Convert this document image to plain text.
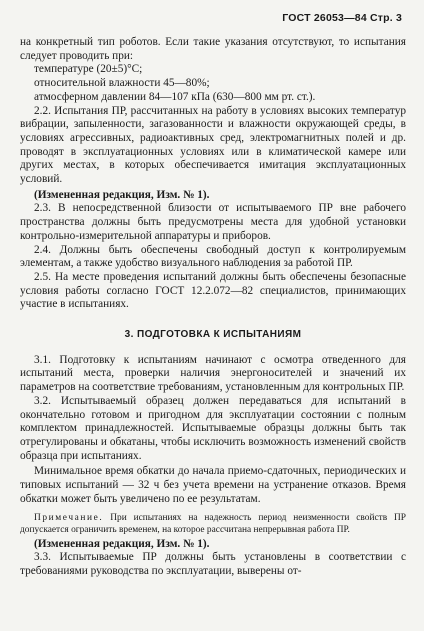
ГОСТ 26053—84 Стр. 3

на конкретный тип роботов. Если такие указания отсутствуют, то испытания следует проводить при:

температуре (20±5)°С;

относительной влажности 45—80%;

атмосферном давлении 84—107 кПа (630—800 мм рт. ст.).

2.2. Испытания ПР, рассчитанных на работу в условиях высоких температур вибрации, запыленности, загазованности и влажности окружающей среды, в условиях агрессивных, радиоактивных сред, электромагнитных полей и др. проводят в эксплуатационных условиях или в климатической камере или других местах, в которых обеспечивается имитация эксплуатационных условий.

(Измененная редакция, Изм. № 1).

2.3. В непосредственной близости от испытываемого ПР вне рабочего пространства должны быть предусмотрены места для удобной установки контрольно-измерительной аппаратуры и приборов.

2.4. Должны быть обеспечены свободный доступ к контролируемым элементам, а также удобство визуального наблюдения за работой ПР.

2.5. На месте проведения испытаний должны быть обеспечены безопасные условия работы согласно ГОСТ 12.2.072—82 специалистов, принимающих участие в испытаниях.

3. ПОДГОТОВКА К ИСПЫТАНИЯМ

3.1. Подготовку к испытаниям начинают с осмотра отведенного для испытаний места, проверки наличия энергоносителей и значений их параметров на соответствие требованиям, установленным для контрольных ПР.

3.2. Испытываемый образец должен передаваться для испытаний в окончательно готовом и пригодном для эксплуатации состоянии с полным комплектом принадлежностей. Испытываемые образцы должны быть так отрегулированы и обкатаны, чтобы исключить возможность изменений свойств образца при испытаниях.

Минимальное время обкатки до начала приемо-сдаточных, периодических и типовых испытаний — 32 ч без учета времени на устранение отказов. Время обкатки может быть увеличено по ее результатам.

Примечание. При испытаниях на надежность период неизменности свойств ПР допускается ограничить временем, на которое рассчитана непрерывная работа ПР.

(Измененная редакция, Изм. № 1).

3.3. Испытываемые ПР должны быть установлены в соответствии с требованиями руководства по эксплуатации, выверены от-
